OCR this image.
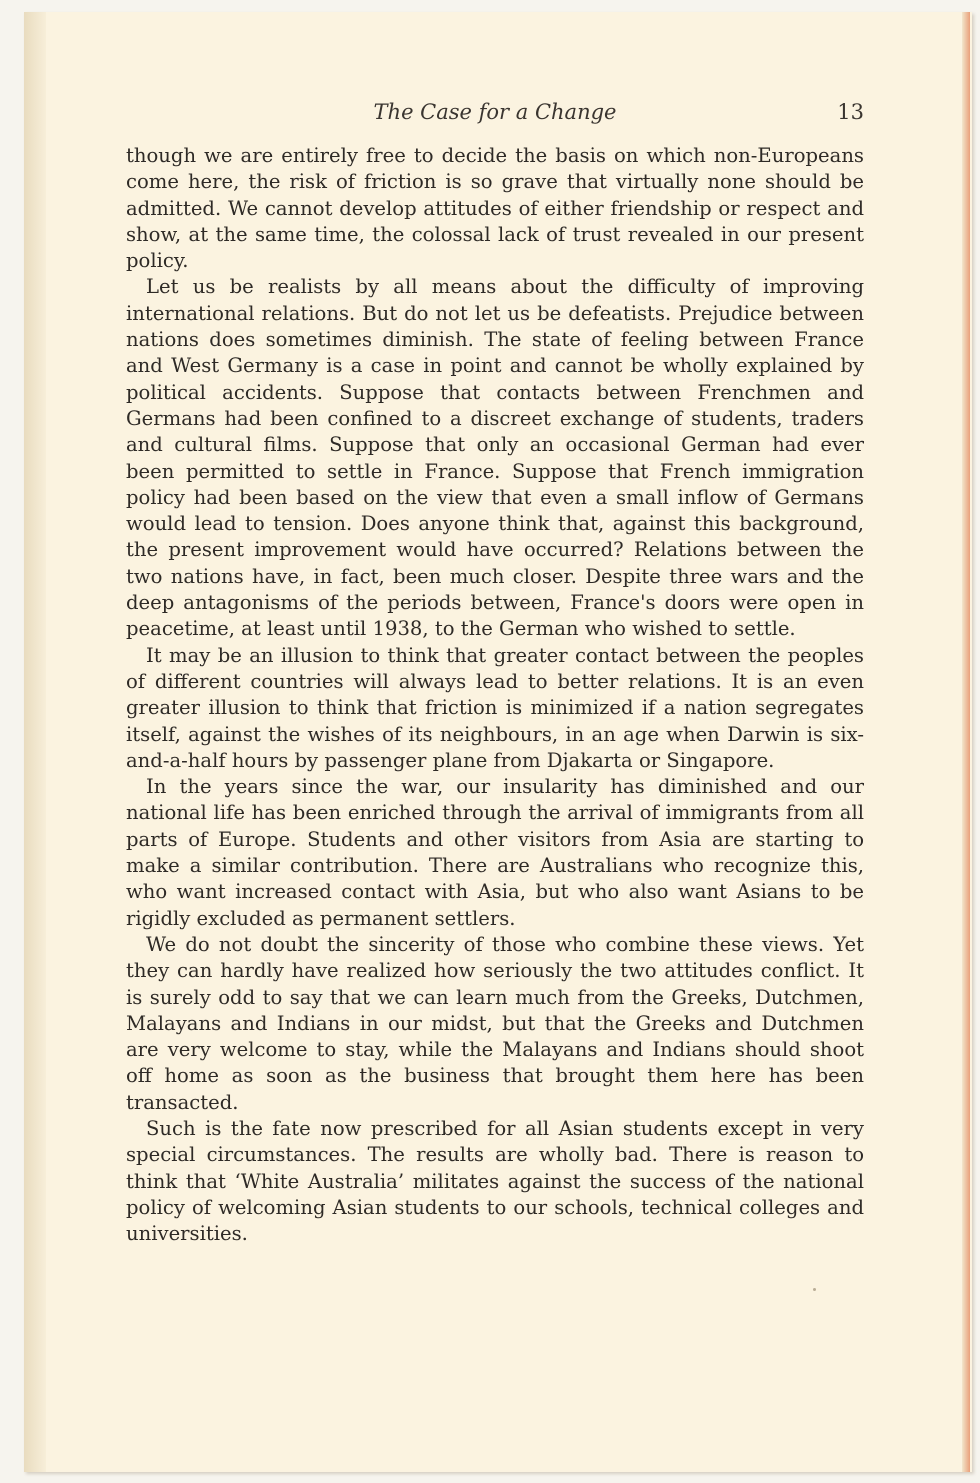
The Case for a Change	13

though we are entirely free to decide the basis on which non-Europeans come here, the risk of friction is so grave that virtually none should be admitted. We cannot develop attitudes of either friendship or respect and show, at the same time, the colossal lack of trust revealed in our present policy.

Let us be realists by all means about the difficulty of improving international relations. But do not let us be defeatists. Prejudice between nations does sometimes diminish. The state of feeling between France and West Germany is a case in point and cannot be wholly explained by political accidents. Suppose that contacts between Frenchmen and Germans had been confined to a discreet exchange of students, traders and cultural films. Suppose that only an occasional German had ever been permitted to settle in France. Suppose that French immigration policy had been based on the view that even a small inflow of Germans would lead to tension. Does anyone think that, against this background, the present improvement would have occurred? Relations between the two nations have, in fact, been much closer. Despite three wars and the deep antagonisms of the periods between, France's doors were open in peacetime, at least until 1938, to the German who wished to settle.

It may be an illusion to think that greater contact between the peoples of different countries will always lead to better relations. It is an even greater illusion to think that friction is minimized if a nation segregates itself, against the wishes of its neighbours, in an age when Darwin is six-and-a-half hours by passenger plane from Djakarta or Singapore.

In the years since the war, our insularity has diminished and our national life has been enriched through the arrival of immigrants from all parts of Europe. Students and other visitors from Asia are starting to make a similar contribution. There are Australians who recognize this, who want increased contact with Asia, but who also want Asians to be rigidly excluded as permanent settlers.

We do not doubt the sincerity of those who combine these views. Yet they can hardly have realized how seriously the two attitudes conflict. It is surely odd to say that we can learn much from the Greeks, Dutchmen, Malayans and Indians in our midst, but that the Greeks and Dutchmen are very welcome to stay, while the Malayans and Indians should shoot off home as soon as the business that brought them here has been transacted.

Such is the fate now prescribed for all Asian students except in very special circumstances. The results are wholly bad. There is reason to think that ‘White Australia’ militates against the success of the national policy of welcoming Asian students to our schools, technical colleges and universities.
